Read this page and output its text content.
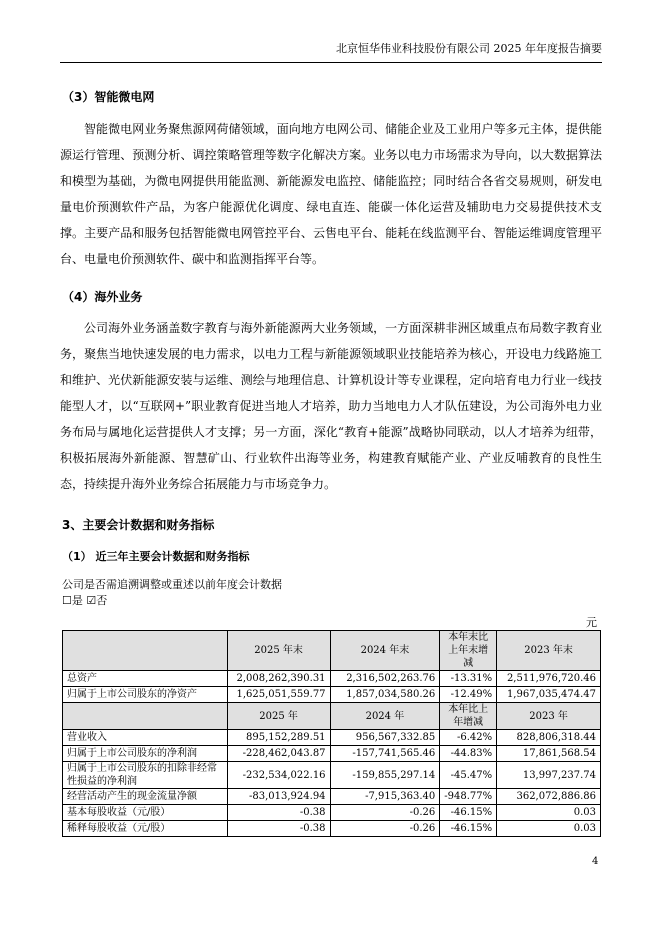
北京恒华伟业科技股份有限公司 2025 年年度报告摘要
（3）智能微电网

智能微电网业务聚焦源网荷储领域，面向地方电网公司、储能企业及工业用户等多元主体，提供能源运行管理、预测分析、调控策略管理等数字化解决方案。业务以电力市场需求为导向，以大数据算法和模型为基础，为微电网提供用能监测、新能源发电监控、储能监控；同时结合各省交易规则，研发电量电价预测软件产品，为客户能源优化调度、绿电直连、能碳一体化运营及辅助电力交易提供技术支撑。主要产品和服务包括智能微电网管控平台、云售电平台、能耗在线监测平台、智能运维调度管理平台、电量电价预测软件、碳中和监测指挥平台等。

（4）海外业务

公司海外业务涵盖数字教育与海外新能源两大业务领域，一方面深耕非洲区域重点布局数字教育业务，聚焦当地快速发展的电力需求，以电力工程与新能源领域职业技能培养为核心，开设电力线路施工和维护、光伏新能源安装与运维、测绘与地理信息、计算机设计等专业课程，定向培育电力行业一线技能型人才，以“互联网+”职业教育促进当地人才培养，助力当地电力人才队伍建设，为公司海外电力业务布局与属地化运营提供人才支撑；另一方面，深化“教育+能源”战略协同联动，以人才培养为纽带，积极拓展海外新能源、智慧矿山、行业软件出海等业务，构建教育赋能产业、产业反哺教育的良性生态，持续提升海外业务综合拓展能力与市场竞争力。

3、主要会计数据和财务指标
（1） 近三年主要会计数据和财务指标
公司是否需追溯调整或重述以前年度会计数据
☐是 ☑否
元
	2025 年末	2024 年末	本年末比上年末增减	2023 年末
总资产	2,008,262,390.31	2,316,502,263.76	-13.31%	2,511,976,720.46
归属于上市公司股东的净资产	1,625,051,559.77	1,857,034,580.26	-12.49%	1,967,035,474.47
	2025 年	2024 年	本年比上年增减	2023 年
营业收入	895,152,289.51	956,567,332.85	-6.42%	828,806,318.44
归属于上市公司股东的净利润	-228,462,043.87	-157,741,565.46	-44.83%	17,861,568.54
归属于上市公司股东的扣除非经常性损益的净利润	-232,534,022.16	-159,855,297.14	-45.47%	13,997,237.74
经营活动产生的现金流量净额	-83,013,924.94	-7,915,363.40	-948.77%	362,072,886.86
基本每股收益（元/股）	-0.38	-0.26	-46.15%	0.03
稀释每股收益（元/股）	-0.38	-0.26	-46.15%	0.03
4
